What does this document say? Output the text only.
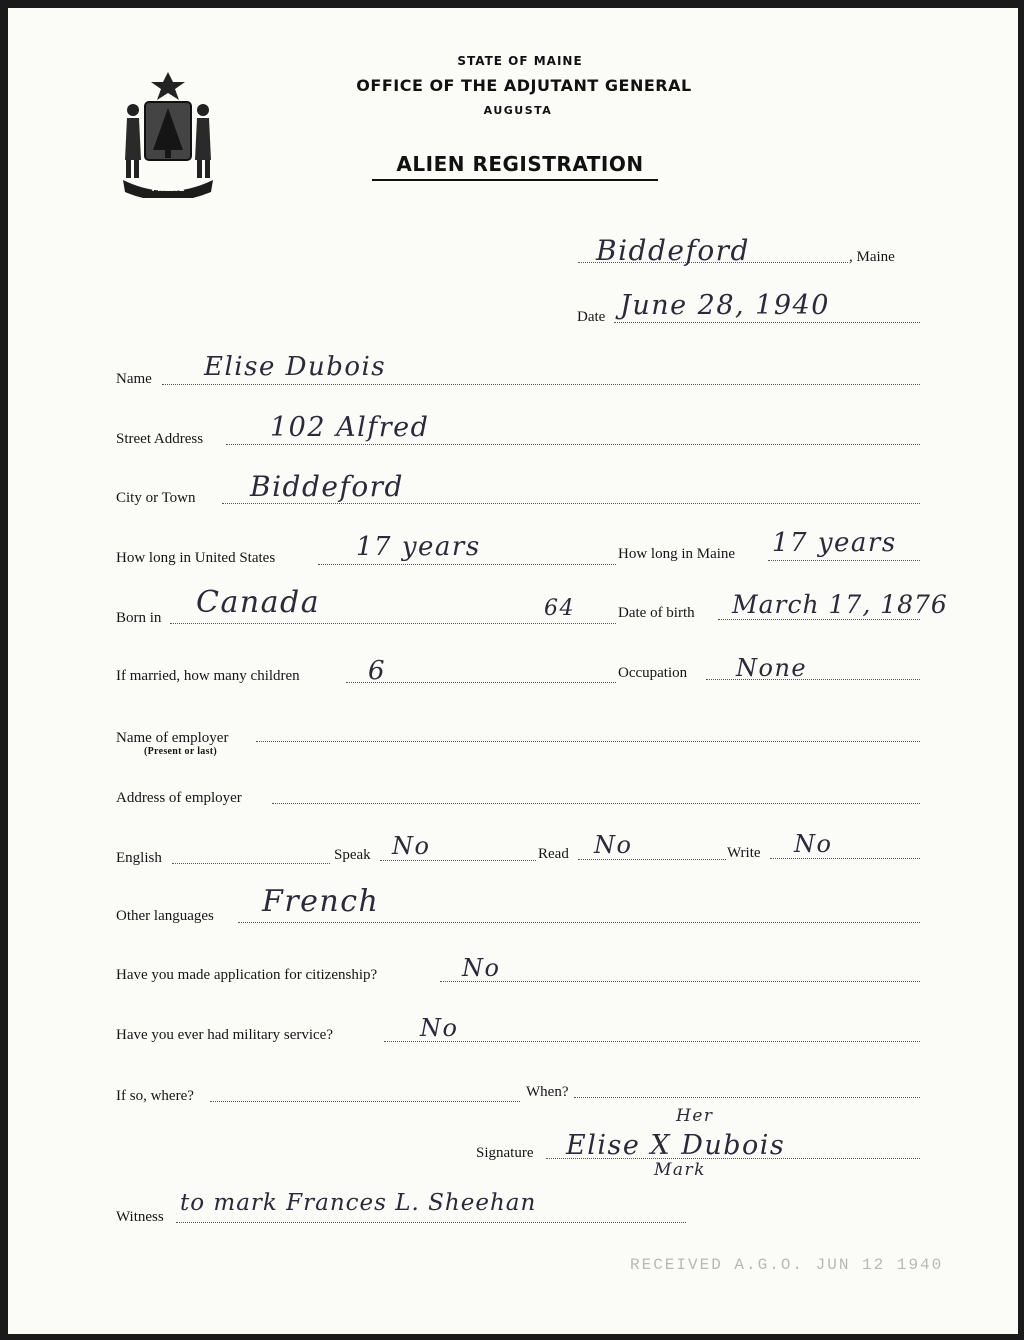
MAINE
STATE OF MAINE
OFFICE OF THE ADJUTANT GENERAL
AUGUSTA
ALIEN REGISTRATION
Biddeford	, Maine
Date June 28, 1940
Name Elise Dubois
Street Address 102 Alfred
City or Town Biddeford
How long in United States	17 years	How long in Maine 17 years
Born in Canada	64	Date of birth March 17, 1876
If married, how many children	6	Occupation None
Name of employer
(Present or last)
Address of employer
English	Speak No	Read No	Write No
Other languages French
Have you made application for citizenship?	No
Have you ever had military service?	No
If so, where?	When?
Her
Signature Elise X Dubois
Mark
Witness
to mark Frances L. Sheehan
RECEIVED A.G.O. JUN 12 1940
